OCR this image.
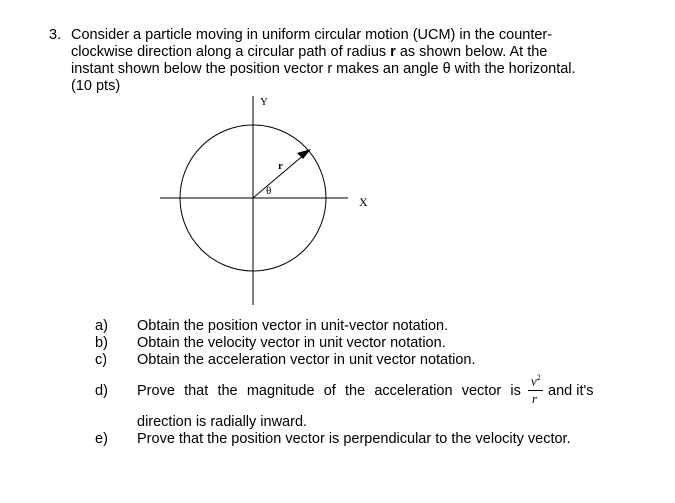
3. Consider a particle moving in uniform circular motion (UCM) in the counter-
clockwise direction along a circular path of radius r as shown below. At the
instant shown below the position vector r makes an angle θ with the horizontal.
(10 pts)
Y
X
r
θ
a) Obtain the position vector in unit-vector notation.
b) Obtain the velocity vector in unit vector notation.
c) Obtain the acceleration vector in unit vector notation.
d) Prove that the magnitude of the acceleration vector is
$v^2$
r and it's
direction is radially inward.
e) Prove that the position vector is perpendicular to the velocity vector.
